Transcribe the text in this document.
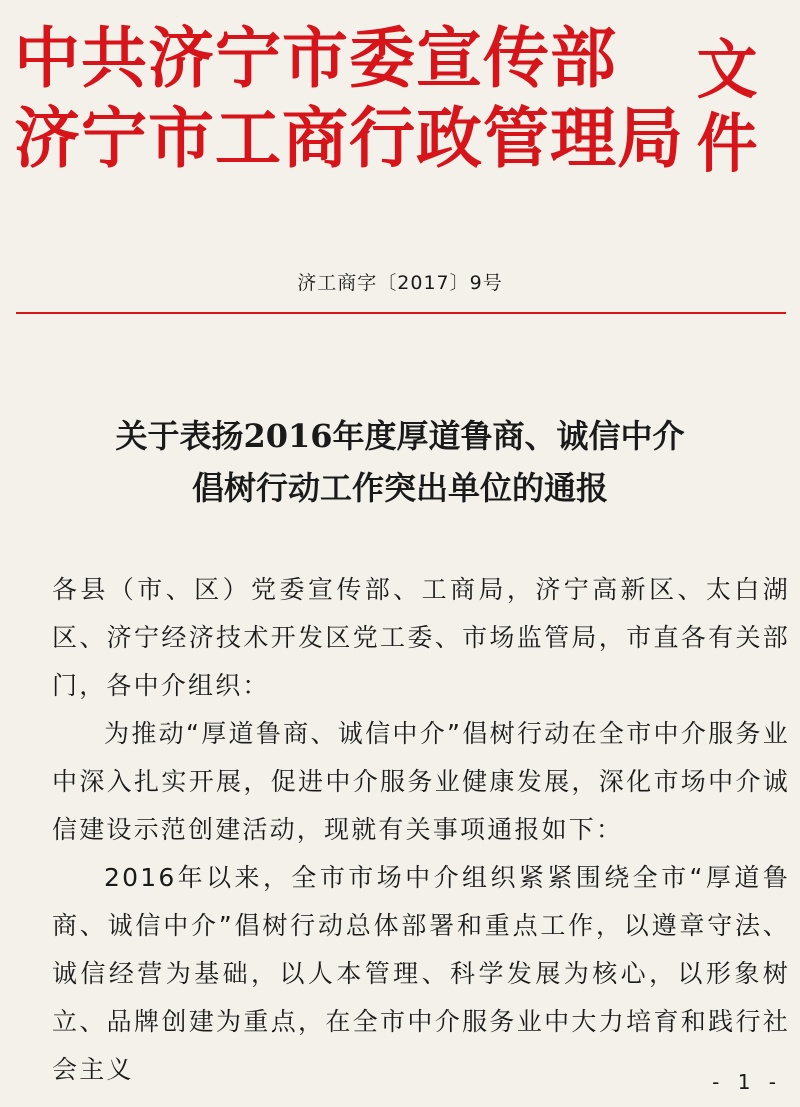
中共济宁市委宣传部
济宁市工商行政管理局
文
件
济工商字〔2017〕9号
关于表扬2016年度厚道鲁商、诚信中介
倡树行动工作突出单位的通报

各县（市、区）党委宣传部、工商局，济宁高新区、太白湖区、济宁经济技术开发区党工委、市场监管局，市直各有关部门，各中介组织：

为推动“厚道鲁商、诚信中介”倡树行动在全市中介服务业中深入扎实开展，促进中介服务业健康发展，深化市场中介诚信建设示范创建活动，现就有关事项通报如下：

2016年以来，全市市场中介组织紧紧围绕全市“厚道鲁商、诚信中介”倡树行动总体部署和重点工作，以遵章守法、诚信经营为基础，以人本管理、科学发展为核心，以形象树立、品牌创建为重点，在全市中介服务业中大力培育和践行社会主义	- 1 -
